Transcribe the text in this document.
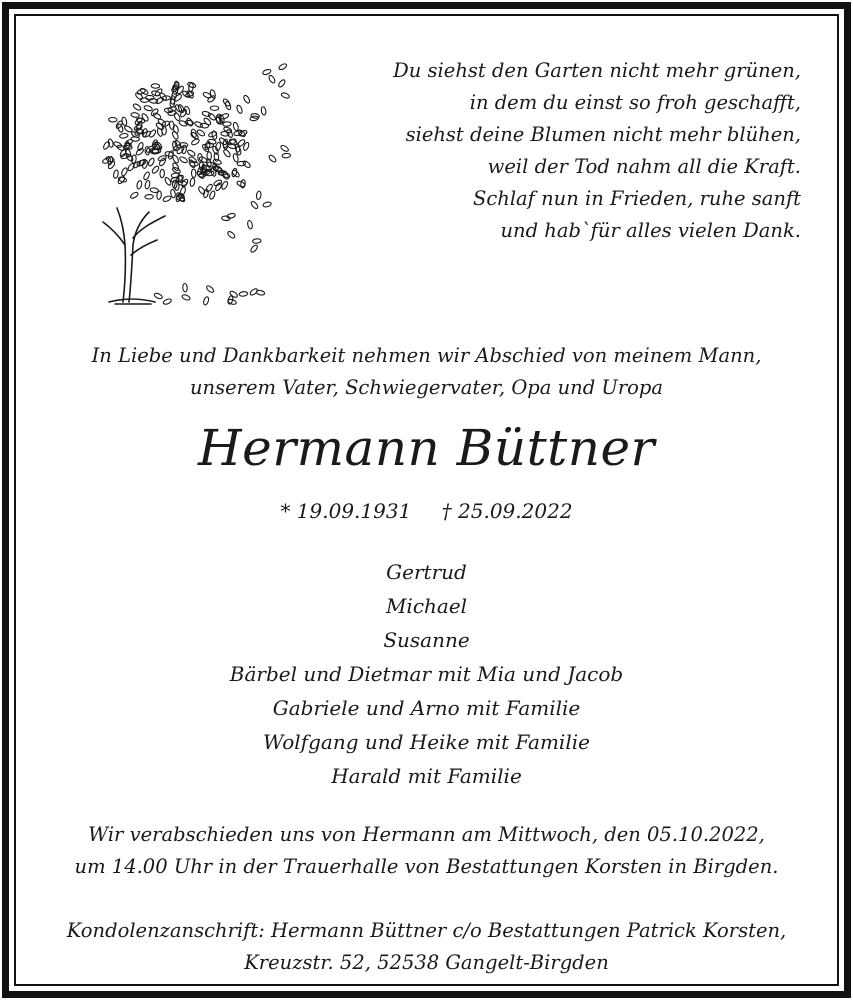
Du siehst den Garten nicht mehr grünen,
in dem du einst so froh geschafft,
siehst deine Blumen nicht mehr blühen,
weil der Tod nahm all die Kraft.
Schlaf nun in Frieden, ruhe sanft
und hab`für alles vielen Dank.
In Liebe und Dankbarkeit nehmen wir Abschied von meinem Mann,
unserem Vater, Schwiegervater, Opa und Uropa
Hermann Büttner
* 19.09.1931 † 25.09.2022
Gertrud
Michael
Susanne
Bärbel und Dietmar mit Mia und Jacob
Gabriele und Arno mit Familie
Wolfgang und Heike mit Familie
Harald mit Familie
Wir verabschieden uns von Hermann am Mittwoch, den 05.10.2022,
um 14.00 Uhr in der Trauerhalle von Bestattungen Korsten in Birgden.
Kondolenzanschrift: Hermann Büttner c/o Bestattungen Patrick Korsten,
Kreuzstr. 52, 52538 Gangelt-Birgden
